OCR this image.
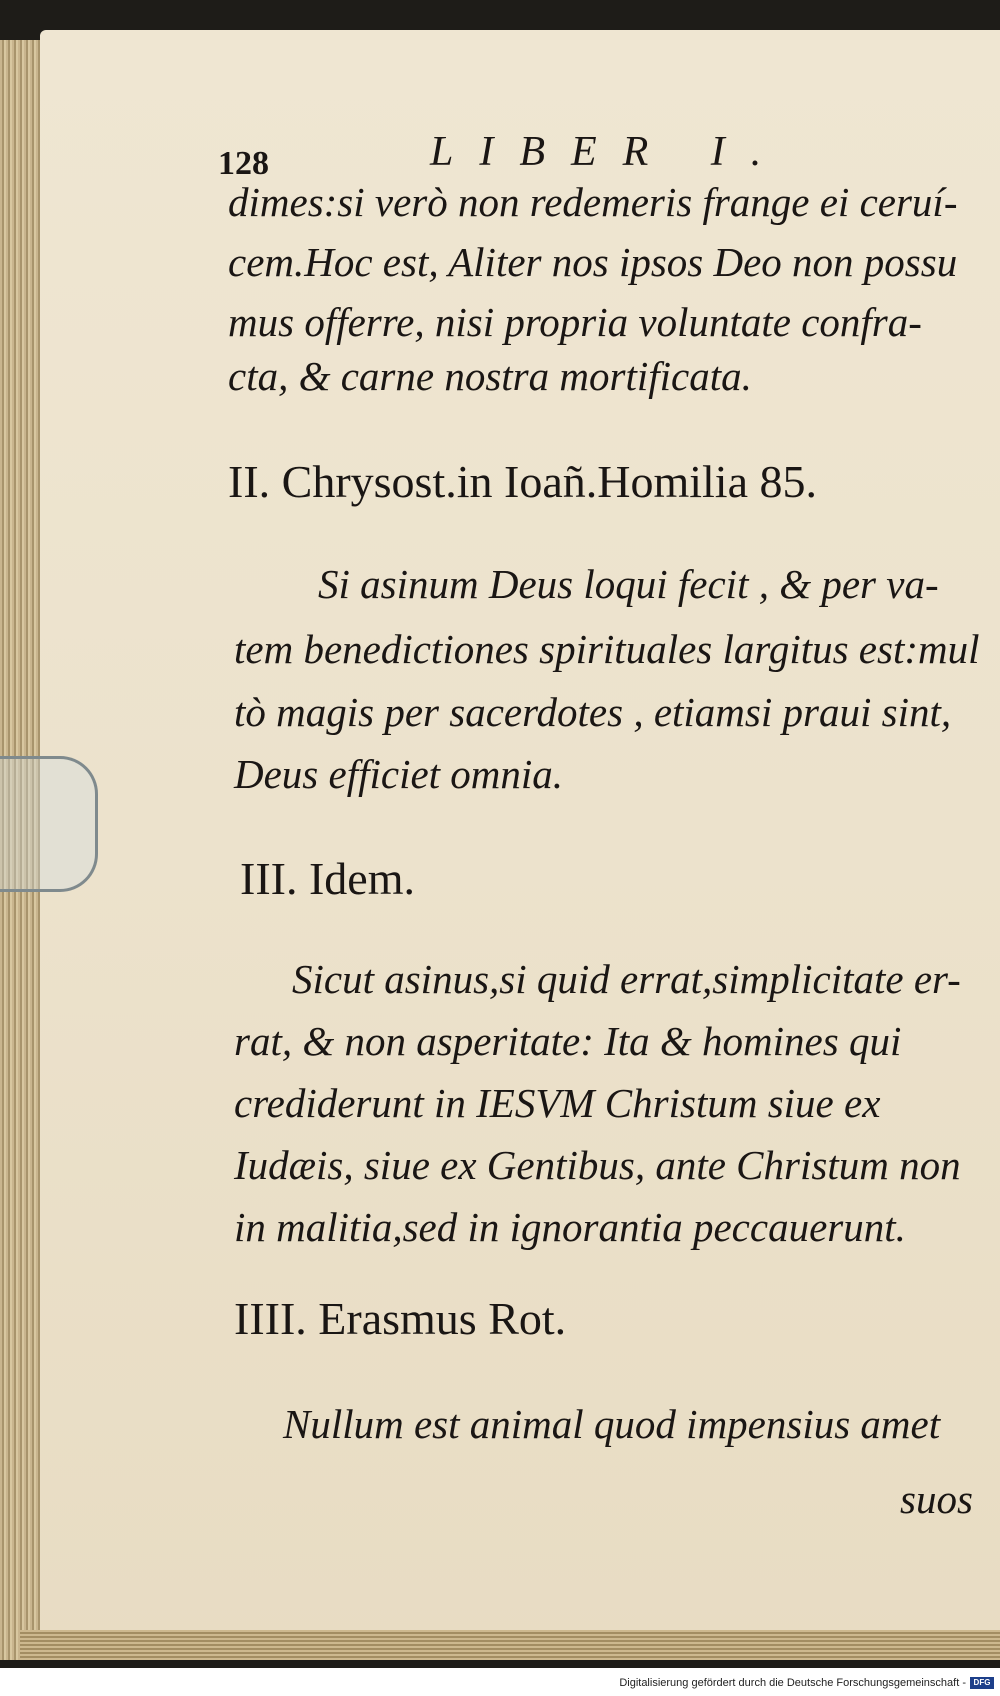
128	LIBER I.
dimes:si verò non redemeris frange ei ceruí-
cem.Hoc est, Aliter nos ipsos Deo non possu
mus offerre, nisi propria voluntate confra-
cta, & carne nostra mortificata.
II. Chrysost.in Ioañ.Homilia 85.
Si asinum Deus loqui fecit , & per va-
tem benedictiones spirituales largitus est:mul
tò magis per sacerdotes , etiamsi praui sint,
Deus efficiet omnia.
III. Idem.
Sicut asinus,si quid errat,simplicitate er-
rat, & non asperitate: Ita & homines qui
crediderunt in IESVM Christum siue ex
Iudæis, siue ex Gentibus, ante Christum non
in malitia,sed in ignorantia peccauerunt.
IIII. Erasmus Rot.
Nullum est animal quod impensius amet
suos
Digitalisierung gefördert durch die Deutsche Forschungsgemeinschaft - DFG
